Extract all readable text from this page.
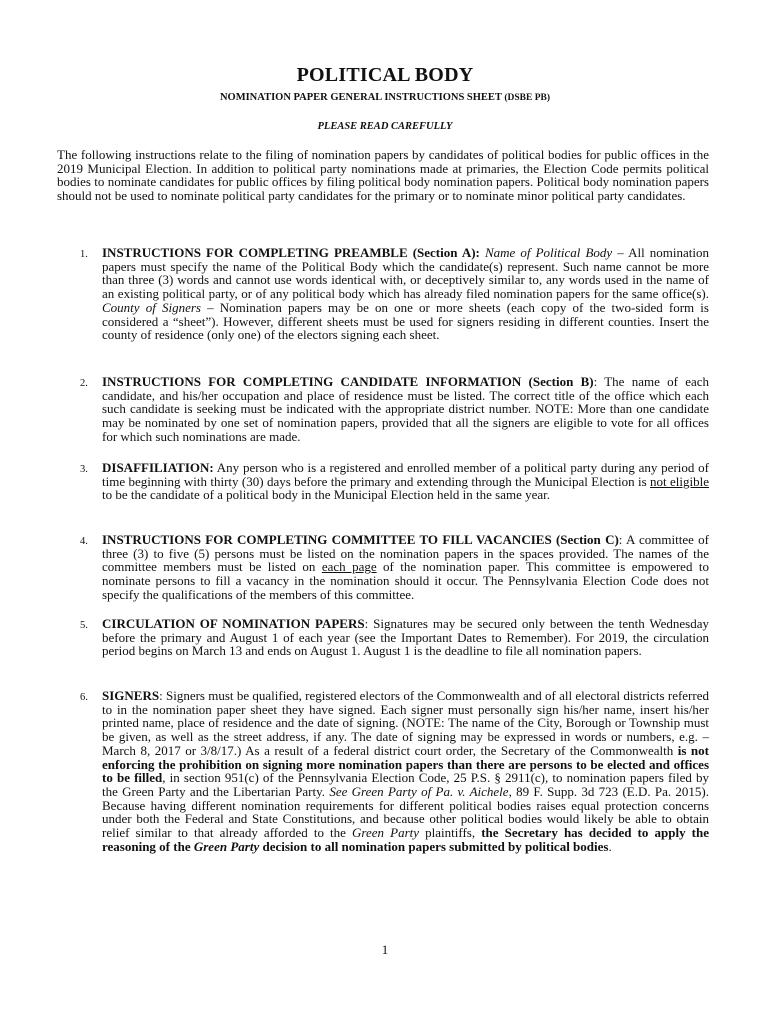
POLITICAL BODY
NOMINATION PAPER GENERAL INSTRUCTIONS SHEET (DSBE PB)
PLEASE READ CAREFULLY
The following instructions relate to the filing of nomination papers by candidates of political bodies for public offices in the 2019 Municipal Election. In addition to political party nominations made at primaries, the Election Code permits political bodies to nominate candidates for public offices by filing political body nomination papers. Political body nomination papers should not be used to nominate political party candidates for the primary or to nominate minor political party candidates.
1.	INSTRUCTIONS FOR COMPLETING PREAMBLE (Section A): Name of Political Body – All nomination papers must specify the name of the Political Body which the candidate(s) represent. Such name cannot be more than three (3) words and cannot use words identical with, or deceptively similar to, any words used in the name of an existing political party, or of any political body which has already filed nomination papers for the same office(s). County of Signers – Nomination papers may be on one or more sheets (each copy of the two-sided form is considered a “sheet”). However, different sheets must be used for signers residing in different counties. Insert the county of residence (only one) of the electors signing each sheet.
2.	INSTRUCTIONS FOR COMPLETING CANDIDATE INFORMATION (Section B): The name of each candidate, and his/her occupation and place of residence must be listed. The correct title of the office which each such candidate is seeking must be indicated with the appropriate district number. NOTE: More than one candidate may be nominated by one set of nomination papers, provided that all the signers are eligible to vote for all offices for which such nominations are made.
3.	DISAFFILIATION: Any person who is a registered and enrolled member of a political party during any period of time beginning with thirty (30) days before the primary and extending through the Municipal Election is not eligible to be the candidate of a political body in the Municipal Election held in the same year.
4.	INSTRUCTIONS FOR COMPLETING COMMITTEE TO FILL VACANCIES (Section C): A committee of three (3) to five (5) persons must be listed on the nomination papers in the spaces provided. The names of the committee members must be listed on each page of the nomination paper. This committee is empowered to nominate persons to fill a vacancy in the nomination should it occur. The Pennsylvania Election Code does not specify the qualifications of the members of this committee.
5.	CIRCULATION OF NOMINATION PAPERS: Signatures may be secured only between the tenth Wednesday before the primary and August 1 of each year (see the Important Dates to Remember). For 2019, the circulation period begins on March 13 and ends on August 1. August 1 is the deadline to file all nomination papers.
6.	SIGNERS: Signers must be qualified, registered electors of the Commonwealth and of all electoral districts referred to in the nomination paper sheet they have signed. Each signer must personally sign his/her name, insert his/her printed name, place of residence and the date of signing. (NOTE: The name of the City, Borough or Township must be given, as well as the street address, if any. The date of signing may be expressed in words or numbers, e.g. – March 8, 2017 or 3/8/17.) As a result of a federal district court order, the Secretary of the Commonwealth is not enforcing the prohibition on signing more nomination papers than there are persons to be elected and offices to be filled, in section 951(c) of the Pennsylvania Election Code, 25 P.S. § 2911(c), to nomination papers filed by the Green Party and the Libertarian Party. See Green Party of Pa. v. Aichele, 89 F. Supp. 3d 723 (E.D. Pa. 2015). Because having different nomination requirements for different political bodies raises equal protection concerns under both the Federal and State Constitutions, and because other political bodies would likely be able to obtain relief similar to that already afforded to the Green Party plaintiffs, the Secretary has decided to apply the reasoning of the Green Party decision to all nomination papers submitted by political bodies.
1
